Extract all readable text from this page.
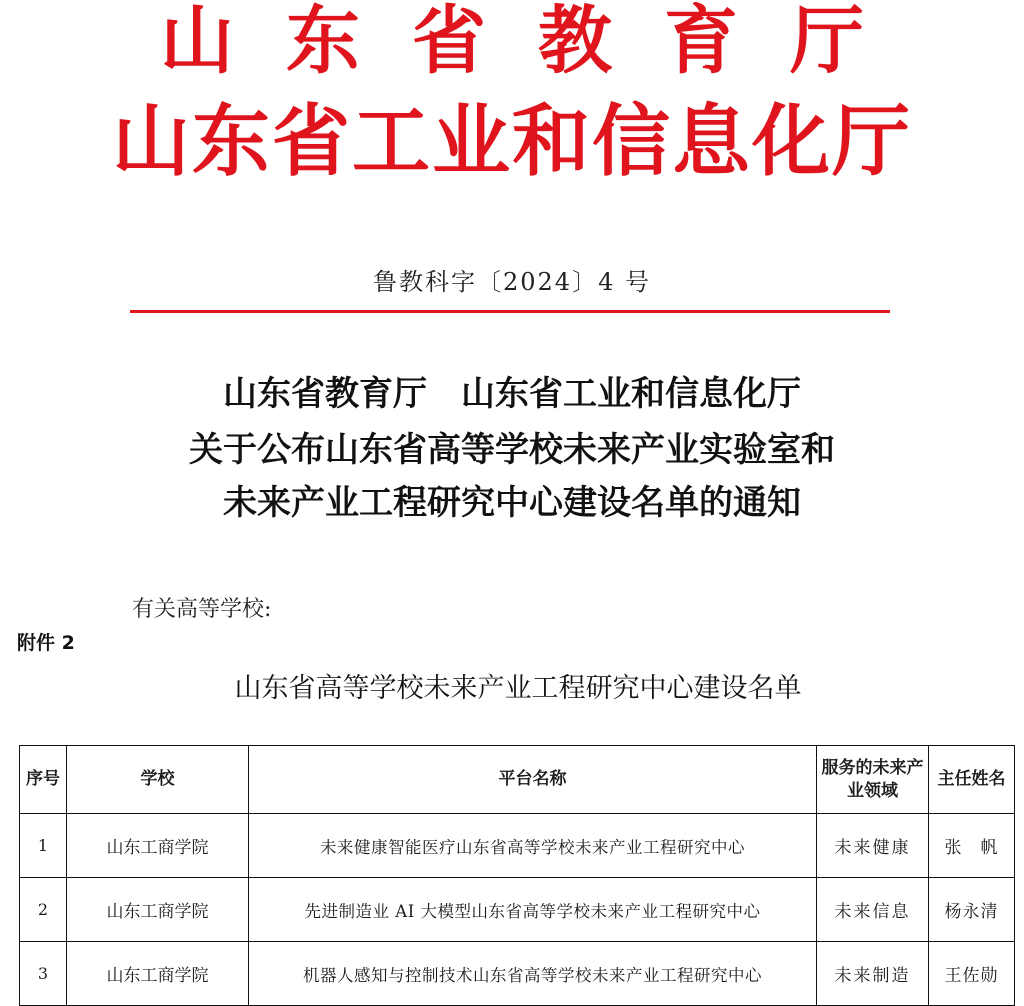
山东省教育厅
山东省工业和信息化厅
鲁教科字〔2024〕4 号
山东省教育厅　山东省工业和信息化厅
关于公布山东省高等学校未来产业实验室和
未来产业工程研究中心建设名单的通知
有关高等学校:
附件 2
山东省高等学校未来产业工程研究中心建设名单
序号	学校	平台名称	服务的未来产业领域	主任姓名
1	山东工商学院	未来健康智能医疗山东省高等学校未来产业工程研究中心	未来健康	张　帆
2	山东工商学院	先进制造业 AI 大模型山东省高等学校未来产业工程研究中心	未来信息	杨永清
3	山东工商学院	机器人感知与控制技术山东省高等学校未来产业工程研究中心	未来制造	王佐勋
